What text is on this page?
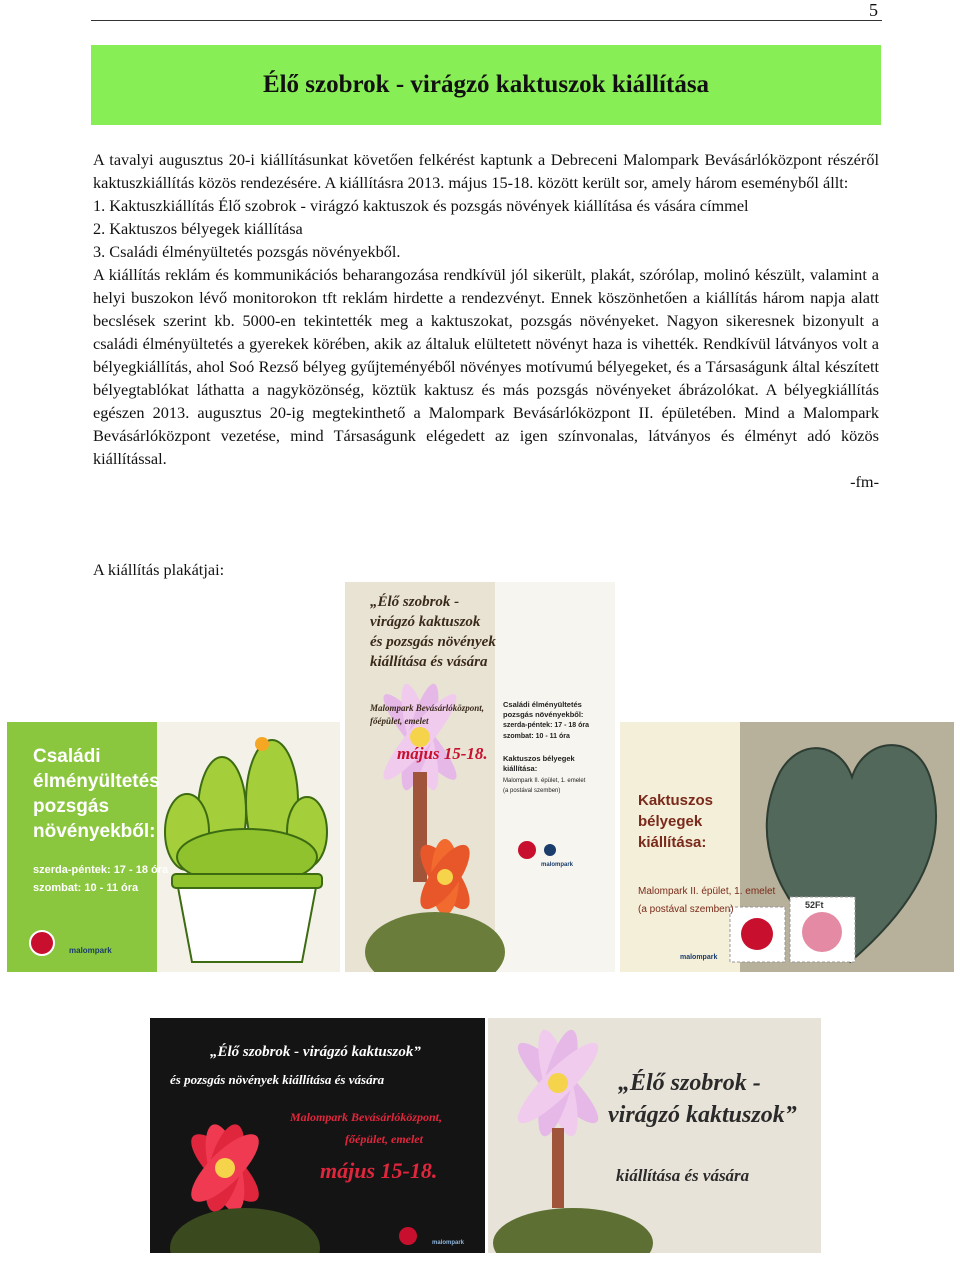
5
Élő szobrok - virágzó kaktuszok kiállítása

A tavalyi augusztus 20-i kiállításunkat követően felkérést kaptunk a Debreceni Malompark Bevásárlóközpont részéről kaktuszkiállítás közös rendezésére. A kiállításra 2013. május 15-18. között került sor, amely három eseményből állt:

1. Kaktuszkiállítás Élő szobrok - virágzó kaktuszok és pozsgás növények kiállítása és vására címmel

2. Kaktuszos bélyegek kiállítása

3. Családi élményültetés pozsgás növényekből.

A kiállítás reklám és kommunikációs beharangozása rendkívül jól sikerült, plakát, szórólap, molinó készült, valamint a helyi buszokon lévő monitorokon tft reklám hirdette a rendezvényt. Ennek köszönhetően a kiállítás három napja alatt becslések szerint kb. 5000-en tekintették meg a kaktuszokat, pozsgás növényeket. Nagyon sikeresnek bizonyult a családi élményültetés a gyerekek körében, akik az általuk elültetett növényt haza is vihették. Rendkívül látványos volt a bélyegkiállítás, ahol Soó Rezső bélyeg gyűjteményéből növényes motívumú bélyegeket, és a Társaságunk által készített bélyegtablókat láthatta a nagyközönség, köztük kaktusz és más pozsgás növényeket ábrázolókat. A bélyegkiállítás egészen 2013. augusztus 20-ig megtekinthető a Malompark Bevásárlóközpont II. épületében. Mind a Malompark Bevásárlóközpont vezetése, mind Társaságunk elégedett az igen színvonalas, látványos és élményt adó közös kiállítással.

-fm-

A kiállítás plakátjai:
Családi
élményültetés
pozsgás
növényekből:
szerda-péntek: 17 - 18 óra
szombat: 10 - 11 óra
malompark
„Élő szobrok -
virágzó kaktuszok
és pozsgás növények
kiállítása és vására
Malompark Bevásárlóközpont,
főépület, emelet
május 15-18.
Családi élményültetés pozsgás növényekből:
szerda-péntek: 17 - 18 óra
szombat: 10 - 11 óra
Kaktuszos bélyegek kiállítása:
Malompark II. épület, 1. emelet
(a postával szemben)
malompark
Kaktuszos
bélyegek
kiállítása:
Malompark II. épület, 1. emelet
(a postával szemben)	52Ft
malompark
„Élő szobrok - virágzó kaktuszok”
és pozsgás növények kiállítása és vására
Malompark Bevásárlóközpont,
főépület, emelet
május 15-18.
malompark
„Élő szobrok -
virágzó kaktuszok”
kiállítása és vására
